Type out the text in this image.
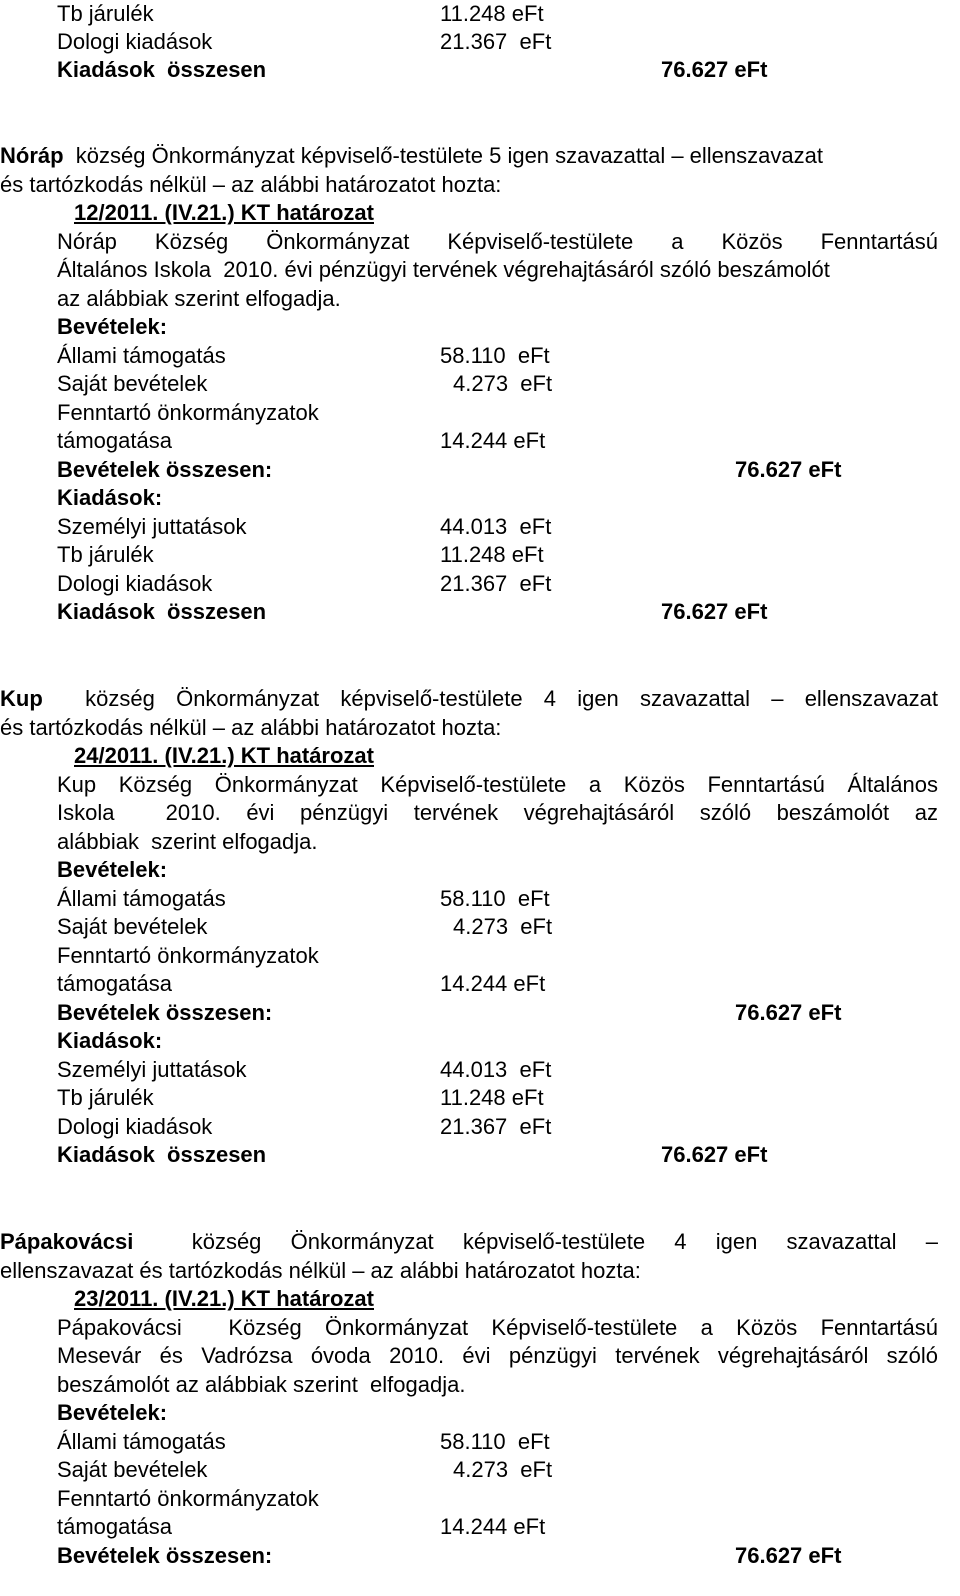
Tb járulék	11.248 eFt
Dologi kiadások	21.367  eFt
Kiadások  összesen	76.627 eFt
Nóráp  község Önkormányzat képviselő-testülete 5 igen szavazattal – ellenszavazat
és tartózkodás nélkül – az alábbi határozatot hozta:
12/2011. (IV.21.) KT határozat
Nóráp Község Önkormányzat Képviselő-testülete a Közös Fenntartású
Általános Iskola  2010. évi pénzügyi tervének végrehajtásáról szóló beszámolót
az alábbiak szerint elfogadja.
Bevételek:
Állami támogatás	58.110  eFt
Saját bevételek	4.273  eFt
Fenntartó önkormányzatok
támogatása	14.244 eFt
Bevételek összesen:	76.627 eFt
Kiadások:
Személyi juttatások	44.013  eFt
Tb járulék	11.248 eFt
Dologi kiadások	21.367  eFt
Kiadások  összesen	76.627 eFt
Kup  község Önkormányzat képviselő-testülete 4 igen szavazattal – ellenszavazat
és tartózkodás nélkül – az alábbi határozatot hozta:
24/2011. (IV.21.) KT határozat
Kup Község Önkormányzat Képviselő-testülete a Közös Fenntartású Általános
Iskola  2010. évi pénzügyi tervének végrehajtásáról szóló beszámolót az
alábbiak  szerint elfogadja.
Bevételek:
Állami támogatás	58.110  eFt
Saját bevételek	4.273  eFt
Fenntartó önkormányzatok
támogatása	14.244 eFt
Bevételek összesen:	76.627 eFt
Kiadások:
Személyi juttatások	44.013  eFt
Tb járulék	11.248 eFt
Dologi kiadások	21.367  eFt
Kiadások  összesen	76.627 eFt
Pápakovácsi  község Önkormányzat képviselő-testülete 4 igen szavazattal –
ellenszavazat és tartózkodás nélkül – az alábbi határozatot hozta:
23/2011. (IV.21.) KT határozat
Pápakovácsi  Község Önkormányzat Képviselő-testülete a Közös Fenntartású
Mesevár és Vadrózsa óvoda 2010. évi pénzügyi tervének végrehajtásáról szóló
beszámolót az alábbiak szerint  elfogadja.
Bevételek:
Állami támogatás	58.110  eFt
Saját bevételek	4.273  eFt
Fenntartó önkormányzatok
támogatása	14.244 eFt
Bevételek összesen:	76.627 eFt
